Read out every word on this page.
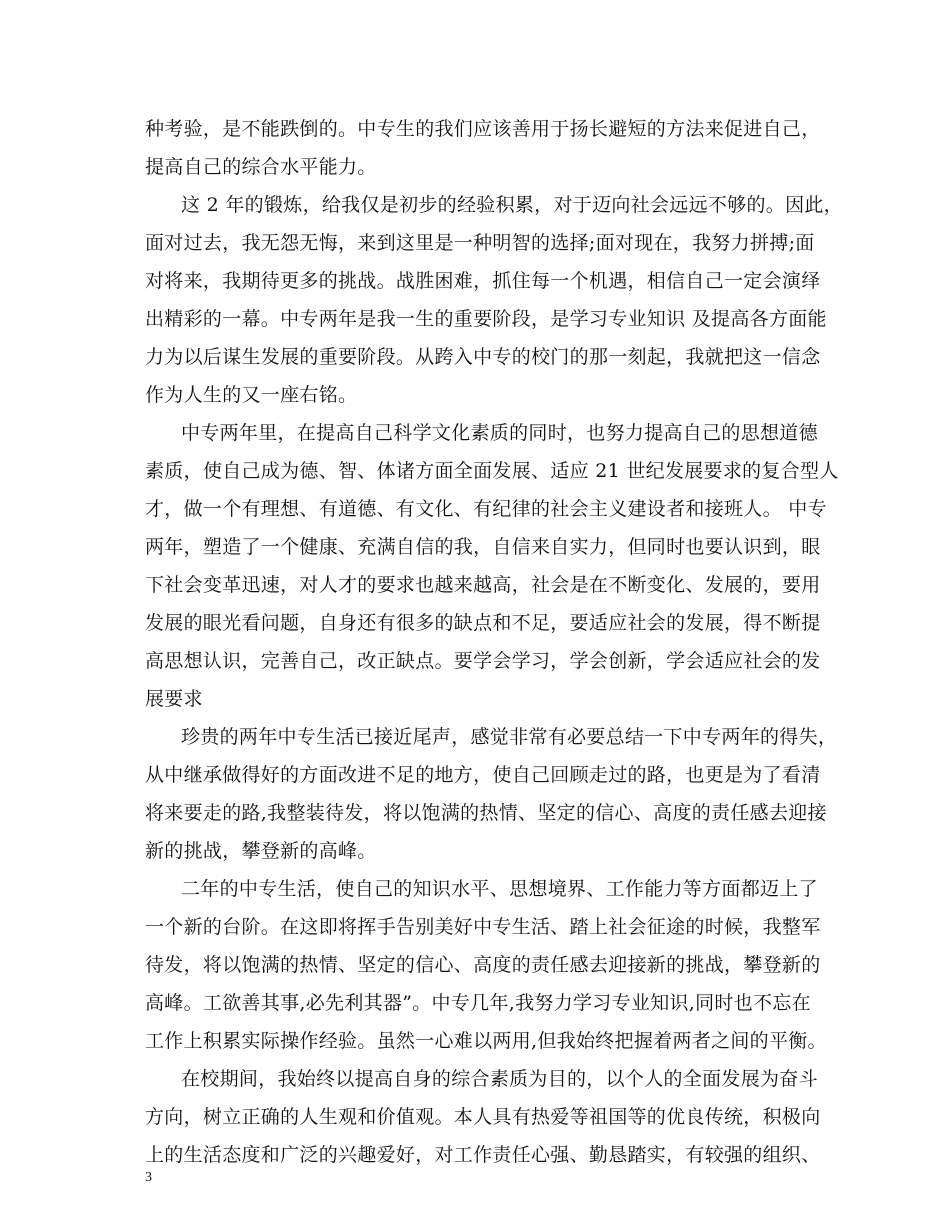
种考验，是不能跌倒的。中专生的我们应该善用于扬长避短的方法来促进自己，
提高自己的综合水平能力。
这 2 年的锻炼，给我仅是初步的经验积累，对于迈向社会远远不够的。因此，
面对过去，我无怨无悔，来到这里是一种明智的选择;面对现在，我努力拼搏;面
对将来，我期待更多的挑战。战胜困难，抓住每一个机遇，相信自己一定会演绎
出精彩的一幕。中专两年是我一生的重要阶段，是学习专业知识 及提高各方面能
力为以后谋生发展的重要阶段。从跨入中专的校门的那一刻起，我就把这一信念
作为人生的又一座右铭。
中专两年里，在提高自己科学文化素质的同时，也努力提高自己的思想道德
素质，使自己成为德、智、体诸方面全面发展、适应 21 世纪发展要求的复合型人
才，做一个有理想、有道德、有文化、有纪律的社会主义建设者和接班人。 中专
两年，塑造了一个健康、充满自信的我，自信来自实力，但同时也要认识到，眼
下社会变革迅速，对人才的要求也越来越高，社会是在不断变化、发展的，要用
发展的眼光看问题，自身还有很多的缺点和不足，要适应社会的发展，得不断提
高思想认识，完善自己，改正缺点。要学会学习，学会创新，学会适应社会的发
展要求
珍贵的两年中专生活已接近尾声，感觉非常有必要总结一下中专两年的得失，
从中继承做得好的方面改进不足的地方，使自己回顾走过的路，也更是为了看清
将来要走的路,我整装待发，将以饱满的热情、坚定的信心、高度的责任感去迎接
新的挑战，攀登新的高峰。
二年的中专生活，使自己的知识水平、思想境界、工作能力等方面都迈上了
一个新的台阶。在这即将挥手告别美好中专生活、踏上社会征途的时候，我整军
待发，将以饱满的热情、坚定的信心、高度的责任感去迎接新的挑战，攀登新的
高峰。工欲善其事,必先利其器”。中专几年,我努力学习专业知识,同时也不忘在
工作上积累实际操作经验。虽然一心难以两用,但我始终把握着两者之间的平衡。
在校期间，我始终以提高自身的综合素质为目的，以个人的全面发展为奋斗
方向，树立正确的人生观和价值观。本人具有热爱等祖国等的优良传统，积极向
上的生活态度和广泛的兴趣爱好，对工作责任心强、勤恳踏实，有较强的组织、
3
